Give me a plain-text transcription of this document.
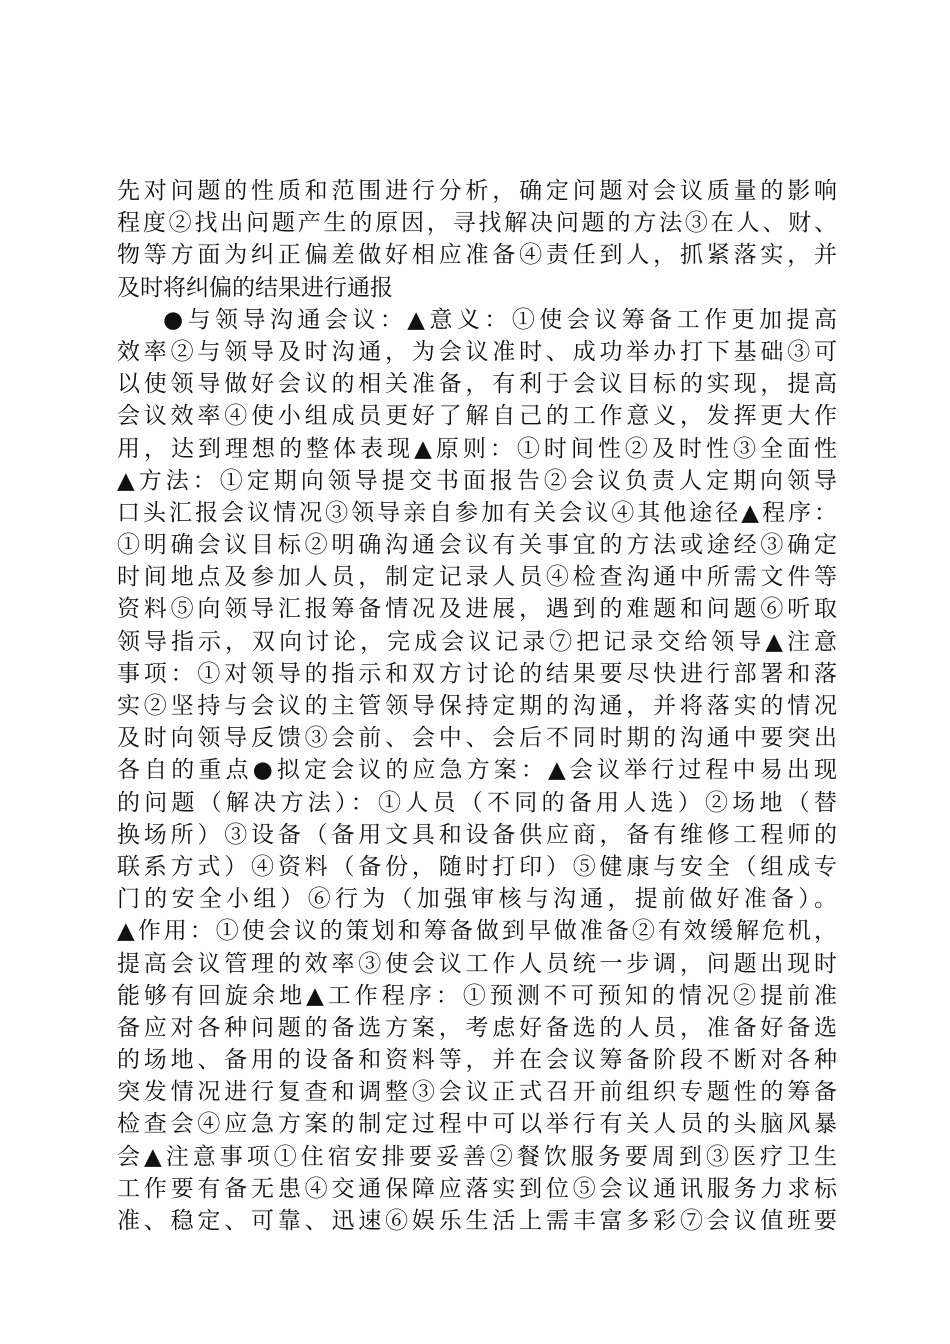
先对问题的性质和范围进行分析，确定问题对会议质量的影响
程度②找出问题产生的原因，寻找解决问题的方法③在人、财、
物等方面为纠正偏差做好相应准备④责任到人，抓紧落实，并
及时将纠偏的结果进行通报
●与领导沟通会议：▲意义：①使会议筹备工作更加提高
效率②与领导及时沟通，为会议准时、成功举办打下基础③可
以使领导做好会议的相关准备，有利于会议目标的实现，提高
会议效率④使小组成员更好了解自己的工作意义，发挥更大作
用，达到理想的整体表现▲原则：①时间性②及时性③全面性
▲方法：①定期向领导提交书面报告②会议负责人定期向领导
口头汇报会议情况③领导亲自参加有关会议④其他途径▲程序：
①明确会议目标②明确沟通会议有关事宜的方法或途经③确定
时间地点及参加人员，制定记录人员④检查沟通中所需文件等
资料⑤向领导汇报筹备情况及进展，遇到的难题和问题⑥听取
领导指示，双向讨论，完成会议记录⑦把记录交给领导▲注意
事项：①对领导的指示和双方讨论的结果要尽快进行部署和落
实②坚持与会议的主管领导保持定期的沟通，并将落实的情况
及时向领导反馈③会前、会中、会后不同时期的沟通中要突出
各自的重点●拟定会议的应急方案：▲会议举行过程中易出现
的问题（解决方法）：①人员（不同的备用人选）②场地（替
换场所）③设备（备用文具和设备供应商，备有维修工程师的
联系方式）④资料（备份，随时打印）⑤健康与安全（组成专
门的安全小组）⑥行为（加强审核与沟通，提前做好准备）。
▲作用：①使会议的策划和筹备做到早做准备②有效缓解危机，
提高会议管理的效率③使会议工作人员统一步调，问题出现时
能够有回旋余地▲工作程序：①预测不可预知的情况②提前准
备应对各种问题的备选方案，考虑好备选的人员，准备好备选
的场地、备用的设备和资料等，并在会议筹备阶段不断对各种
突发情况进行复查和调整③会议正式召开前组织专题性的筹备
检查会④应急方案的制定过程中可以举行有关人员的头脑风暴
会▲注意事项①住宿安排要妥善②餐饮服务要周到③医疗卫生
工作要有备无患④交通保障应落实到位⑤会议通讯服务力求标
准、稳定、可靠、迅速⑥娱乐生活上需丰富多彩⑦会议值班要
